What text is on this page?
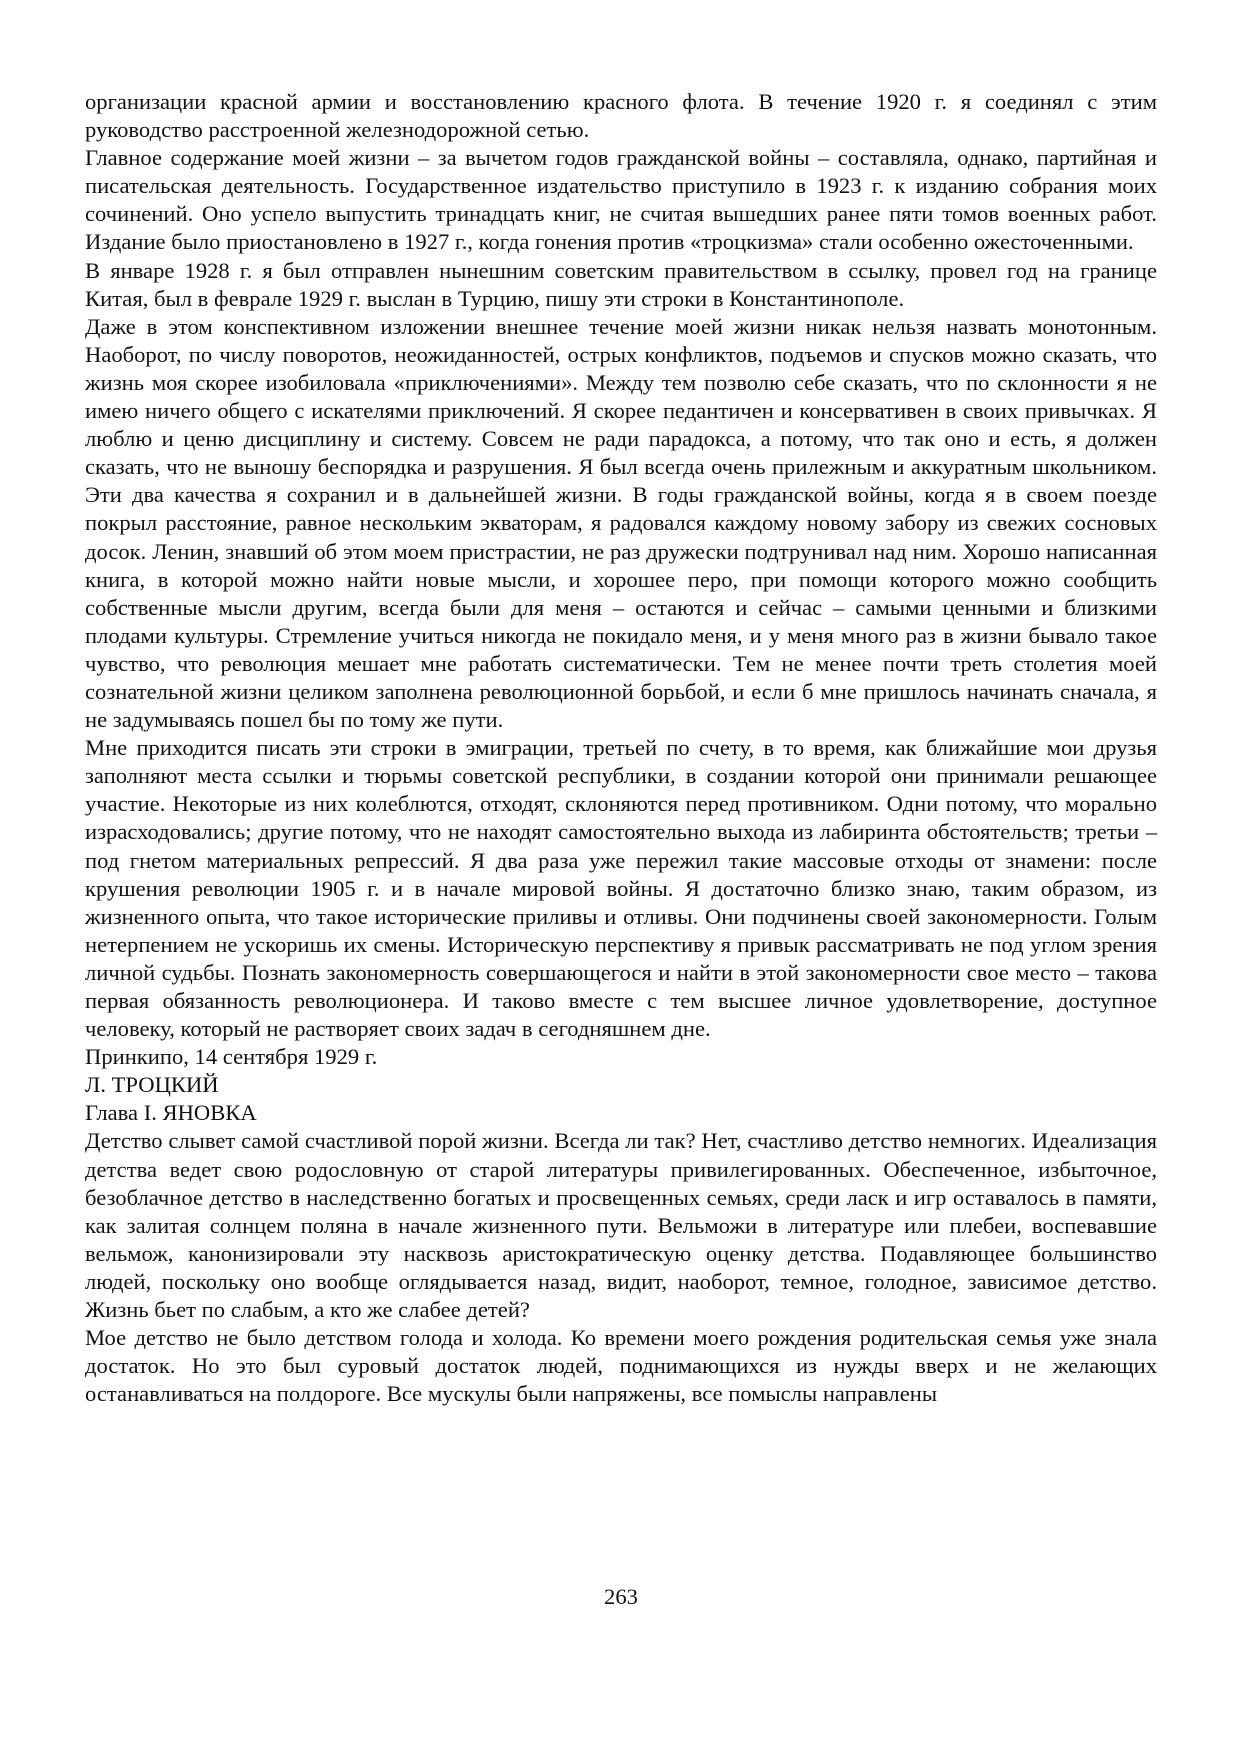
организации красной армии и восстановлению красного флота. В течение 1920 г. я соединял с этим руководство расстроенной железнодорожной сетью.

Главное содержание моей жизни – за вычетом годов гражданской войны – составляла, однако, партийная и писательская деятельность. Государственное издательство приступило в 1923 г. к изданию собрания моих сочинений. Оно успело выпустить тринадцать книг, не считая вышедших ранее пяти томов военных работ. Издание было приостановлено в 1927 г., когда гонения против «троцкизма» стали особенно ожесточенными.

В январе 1928 г. я был отправлен нынешним советским правительством в ссылку, провел год на границе Китая, был в феврале 1929 г. выслан в Турцию, пишу эти строки в Константинополе.

Даже в этом конспективном изложении внешнее течение моей жизни никак нельзя назвать монотонным. Наоборот, по числу поворотов, неожиданностей, острых конфликтов, подъемов и спусков можно сказать, что жизнь моя скорее изобиловала «приключениями». Между тем позволю себе сказать, что по склонности я не имею ничего общего с искателями приключений. Я скорее педантичен и консервативен в своих привычках. Я люблю и ценю дисциплину и систему. Совсем не ради парадокса, а потому, что так оно и есть, я должен сказать, что не выношу беспорядка и разрушения. Я был всегда очень прилежным и аккуратным школьником. Эти два качества я сохранил и в дальнейшей жизни. В годы гражданской войны, когда я в своем поезде покрыл расстояние, равное нескольким экваторам, я радовался каждому новому забору из свежих сосновых досок. Ленин, знавший об этом моем пристрастии, не раз дружески подтрунивал над ним. Хорошо написанная книга, в которой можно найти новые мысли, и хорошее перо, при помощи которого можно сообщить собственные мысли другим, всегда были для меня – остаются и сейчас – самыми ценными и близкими плодами культуры. Стремление учиться никогда не покидало меня, и у меня много раз в жизни бывало такое чувство, что революция мешает мне работать систематически. Тем не менее почти треть столетия моей сознательной жизни целиком заполнена революционной борьбой, и если б мне пришлось начинать сначала, я не задумываясь пошел бы по тому же пути.

Мне приходится писать эти строки в эмиграции, третьей по счету, в то время, как ближайшие мои друзья заполняют места ссылки и тюрьмы советской республики, в создании которой они принимали решающее участие. Некоторые из них колеблются, отходят, склоняются перед противником. Одни потому, что морально израсходовались; другие потому, что не находят самостоятельно выхода из лабиринта обстоятельств; третьи – под гнетом материальных репрессий. Я два раза уже пережил такие массовые отходы от знамени: после крушения революции 1905 г. и в начале мировой войны. Я достаточно близко знаю, таким образом, из жизненного опыта, что такое исторические приливы и отливы. Они подчинены своей закономерности. Голым нетерпением не ускоришь их смены. Историческую перспективу я привык рассматривать не под углом зрения личной судьбы. Познать закономерность совершающегося и найти в этой закономерности свое место – такова первая обязанность революционера. И таково вместе с тем высшее личное удовлетворение, доступное человеку, который не растворяет своих задач в сегодняшнем дне.

Принкипо, 14 сентября 1929 г.

Л. ТРОЦКИЙ

Глава I. ЯНОВКА

Детство слывет самой счастливой порой жизни. Всегда ли так? Нет, счастливо детство немногих. Идеализация детства ведет свою родословную от старой литературы привилегированных. Обеспеченное, избыточное, безоблачное детство в наследственно богатых и просвещенных семьях, среди ласк и игр оставалось в памяти, как залитая солнцем поляна в начале жизненного пути. Вельможи в литературе или плебеи, воспевавшие вельмож, канонизировали эту насквозь аристократическую оценку детства. Подавляющее большинство людей, поскольку оно вообще оглядывается назад, видит, наоборот, темное, голодное, зависимое детство. Жизнь бьет по слабым, а кто же слабее детей?

Мое детство не было детством голода и холода. Ко времени моего рождения родительская семья уже знала достаток. Но это был суровый достаток людей, поднимающихся из нужды вверх и не желающих останавливаться на полдороге. Все мускулы были напряжены, все помыслы направлены

263
